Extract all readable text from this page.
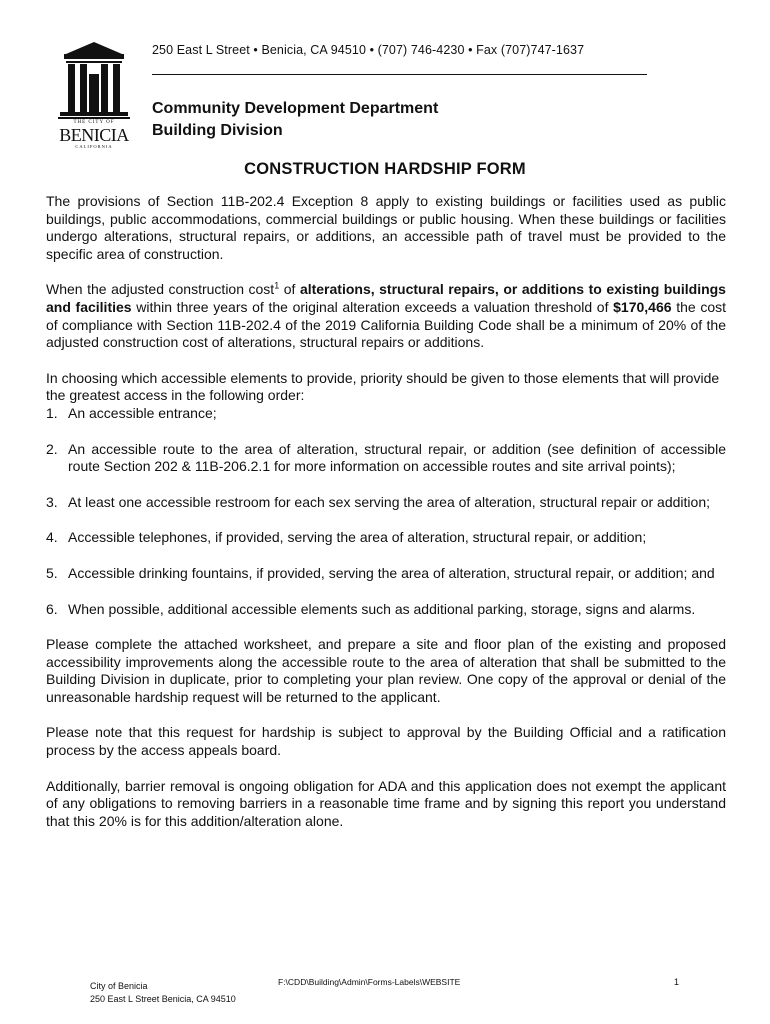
THE CITY OF
BENICIA
CALIFORNIA
250 East L Street • Benicia, CA 94510 • (707) 746-4230 • Fax (707)747-1637
Community Development Department
Building Division
CONSTRUCTION HARDSHIP FORM

The provisions of Section 11B-202.4 Exception 8 apply to existing buildings or facilities used as public buildings, public accommodations, commercial buildings or public housing. When these buildings or facilities undergo alterations, structural repairs, or additions, an accessible path of travel must be provided to the specific area of construction.

When the adjusted construction cost$^1$ of alterations, structural repairs, or additions to existing buildings and facilities within three years of the original alteration exceeds a valuation threshold of $170,466 the cost of compliance with Section 11B-202.4 of the 2019 California Building Code shall be a minimum of 20% of the adjusted construction cost of alterations, structural repairs or additions.

In choosing which accessible elements to provide, priority should be given to those elements that will provide the greatest access in the following order:

1. An accessible entrance;
2. An accessible route to the area of alteration, structural repair, or addition (see definition of accessible route Section 202 & 11B-206.2.1 for more information on accessible routes and site arrival points);
3. At least one accessible restroom for each sex serving the area of alteration, structural repair or addition;
4. Accessible telephones, if provided, serving the area of alteration, structural repair, or addition;
5. Accessible drinking fountains, if provided, serving the area of alteration, structural repair, or addition; and
6. When possible, additional accessible elements such as additional parking, storage, signs and alarms.

Please complete the attached worksheet, and prepare a site and floor plan of the existing and proposed accessibility improvements along the accessible route to the area of alteration that shall be submitted to the Building Division in duplicate, prior to completing your plan review. One copy of the approval or denial of the unreasonable hardship request will be returned to the applicant.

Please note that this request for hardship is subject to approval by the Building Official and a ratification process by the access appeals board.

Additionally, barrier removal is ongoing obligation for ADA and this application does not exempt the applicant of any obligations to removing barriers in a reasonable time frame and by signing this report you understand that this 20% is for this addition/alteration alone.

City of Benicia
250 East L Street Benicia, CA 94510
F:\CDD\Building\Admin\Forms-Labels\WEBSITE	1
